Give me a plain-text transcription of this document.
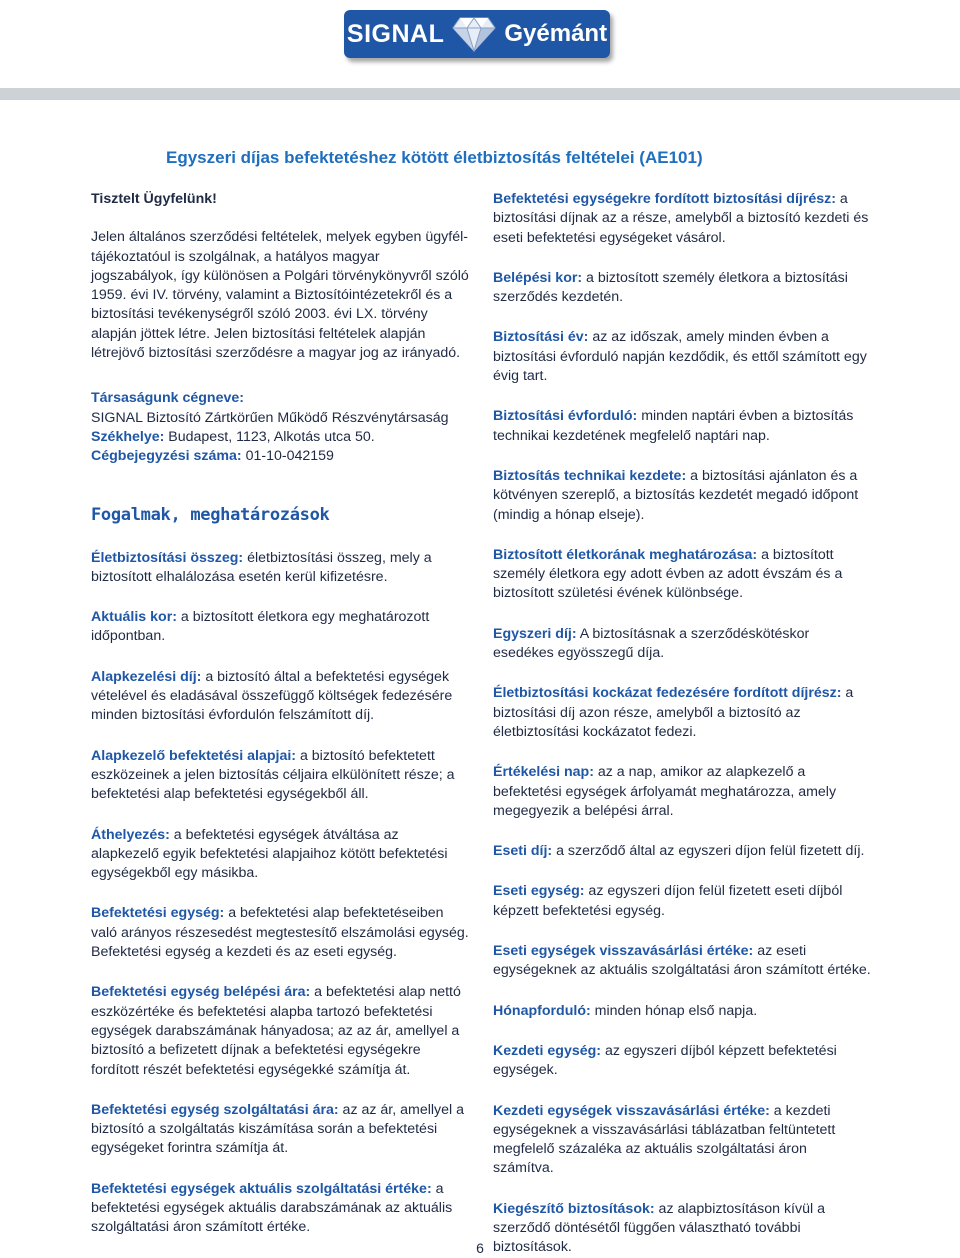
SIGNAL	Gyémánt
Egyszeri díjas befektetéshez kötött életbiztosítás feltételei (AE101)

Tisztelt Ügyfelünk!

Jelen általános szerződési feltételek, melyek egyben ügyfél-tájékoztatóul is szolgálnak, a hatályos magyar jogszabályok, így különösen a Polgári törvénykönyvről szóló 1959. évi IV. törvény, valamint a Biztosítóintézetekről és a biztosítási tevékenységről szóló 2003. évi LX. törvény alapján jöttek létre. Jelen biztosítási feltételek alapján létrejövő biztosítási szerződésre a magyar jog az irányadó.

Társaságunk cégneve:

SIGNAL Biztosító Zártkörűen Működő Részvénytársaság

Székhelye: Budapest, 1123, Alkotás utca 50.

Cégbejegyzési száma: 01-10-042159

Fogalmak, meghatározások

Életbiztosítási összeg: életbiztosítási összeg, mely a biztosított elhalálozása esetén kerül kifizetésre.

Aktuális kor: a biztosított életkora egy meghatározott időpontban.

Alapkezelési díj: a biztosító által a befektetési egységek vételével és eladásával összefüggő költségek fedezésére minden biztosítási évfordulón felszámított díj.

Alapkezelő befektetési alapjai: a biztosító befektetett eszközeinek a jelen biztosítás céljaira elkülönített része; a befektetési alap befektetési egységekből áll.

Áthelyezés: a befektetési egységek átváltása az alapkezelő egyik befektetési alapjaihoz kötött befektetési egységekből egy másikba.

Befektetési egység: a befektetési alap befektetéseiben való arányos részesedést megtestesítő elszámolási egység. Befektetési egység a kezdeti és az eseti egység.

Befektetési egység belépési ára: a befektetési alap nettó eszközértéke és befektetési alapba tartozó befektetési egységek darabszámának hányadosa; az az ár, amellyel a biztosító a befizetett díjnak a befektetési egységekre fordított részét befektetési egységekké számítja át.

Befektetési egység szolgáltatási ára: az az ár, amellyel a biztosító a szolgáltatás kiszámítása során a befektetési egységeket forintra számítja át.

Befektetési egységek aktuális szolgáltatási értéke: a befektetési egységek aktuális darabszámának az aktuális szolgáltatási áron számított értéke.

Befektetési egységekre fordított biztosítási díjrész: a biztosítási díjnak az a része, amelyből a biztosító kezdeti és eseti befektetési egységeket vásárol.

Belépési kor: a biztosított személy életkora a biztosítási szerződés kezdetén.

Biztosítási év: az az időszak, amely minden évben a biztosítási évforduló napján kezdődik, és ettől számított egy évig tart.

Biztosítási évforduló: minden naptári évben a biztosítás technikai kezdetének megfelelő naptári nap.

Biztosítás technikai kezdete: a biztosítási ajánlaton és a kötvényen szereplő, a biztosítás kezdetét megadó időpont (mindig a hónap elseje).

Biztosított életkorának meghatározása: a biztosított személy életkora egy adott évben az adott évszám és a biztosított születési évének különbsége.

Egyszeri díj: A biztosításnak a szerződéskötéskor esedékes egyösszegű díja.

Életbiztosítási kockázat fedezésére fordított díjrész: a biztosítási díj azon része, amelyből a biztosító az életbiztosítási kockázatot fedezi.

Értékelési nap: az a nap, amikor az alapkezelő a befektetési egységek árfolyamát meghatározza, amely megegyezik a belépési árral.

Eseti díj: a szerződő által az egyszeri díjon felül fizetett díj.

Eseti egység: az egyszeri díjon felül fizetett eseti díjból képzett befektetési egység.

Eseti egységek visszavásárlási értéke: az eseti egységeknek az aktuális szolgáltatási áron számított értéke.

Hónapforduló: minden hónap első napja.

Kezdeti egység: az egyszeri díjból képzett befektetési egységek.

Kezdeti egységek visszavásárlási értéke: a kezdeti egységeknek a visszavásárlási táblázatban feltüntetett megfelelő százaléka az aktuális szolgáltatási áron számítva.

Kiegészítő biztosítások: az alapbiztosításon kívül a szerződő döntésétől függően választható további biztosítások.

6
